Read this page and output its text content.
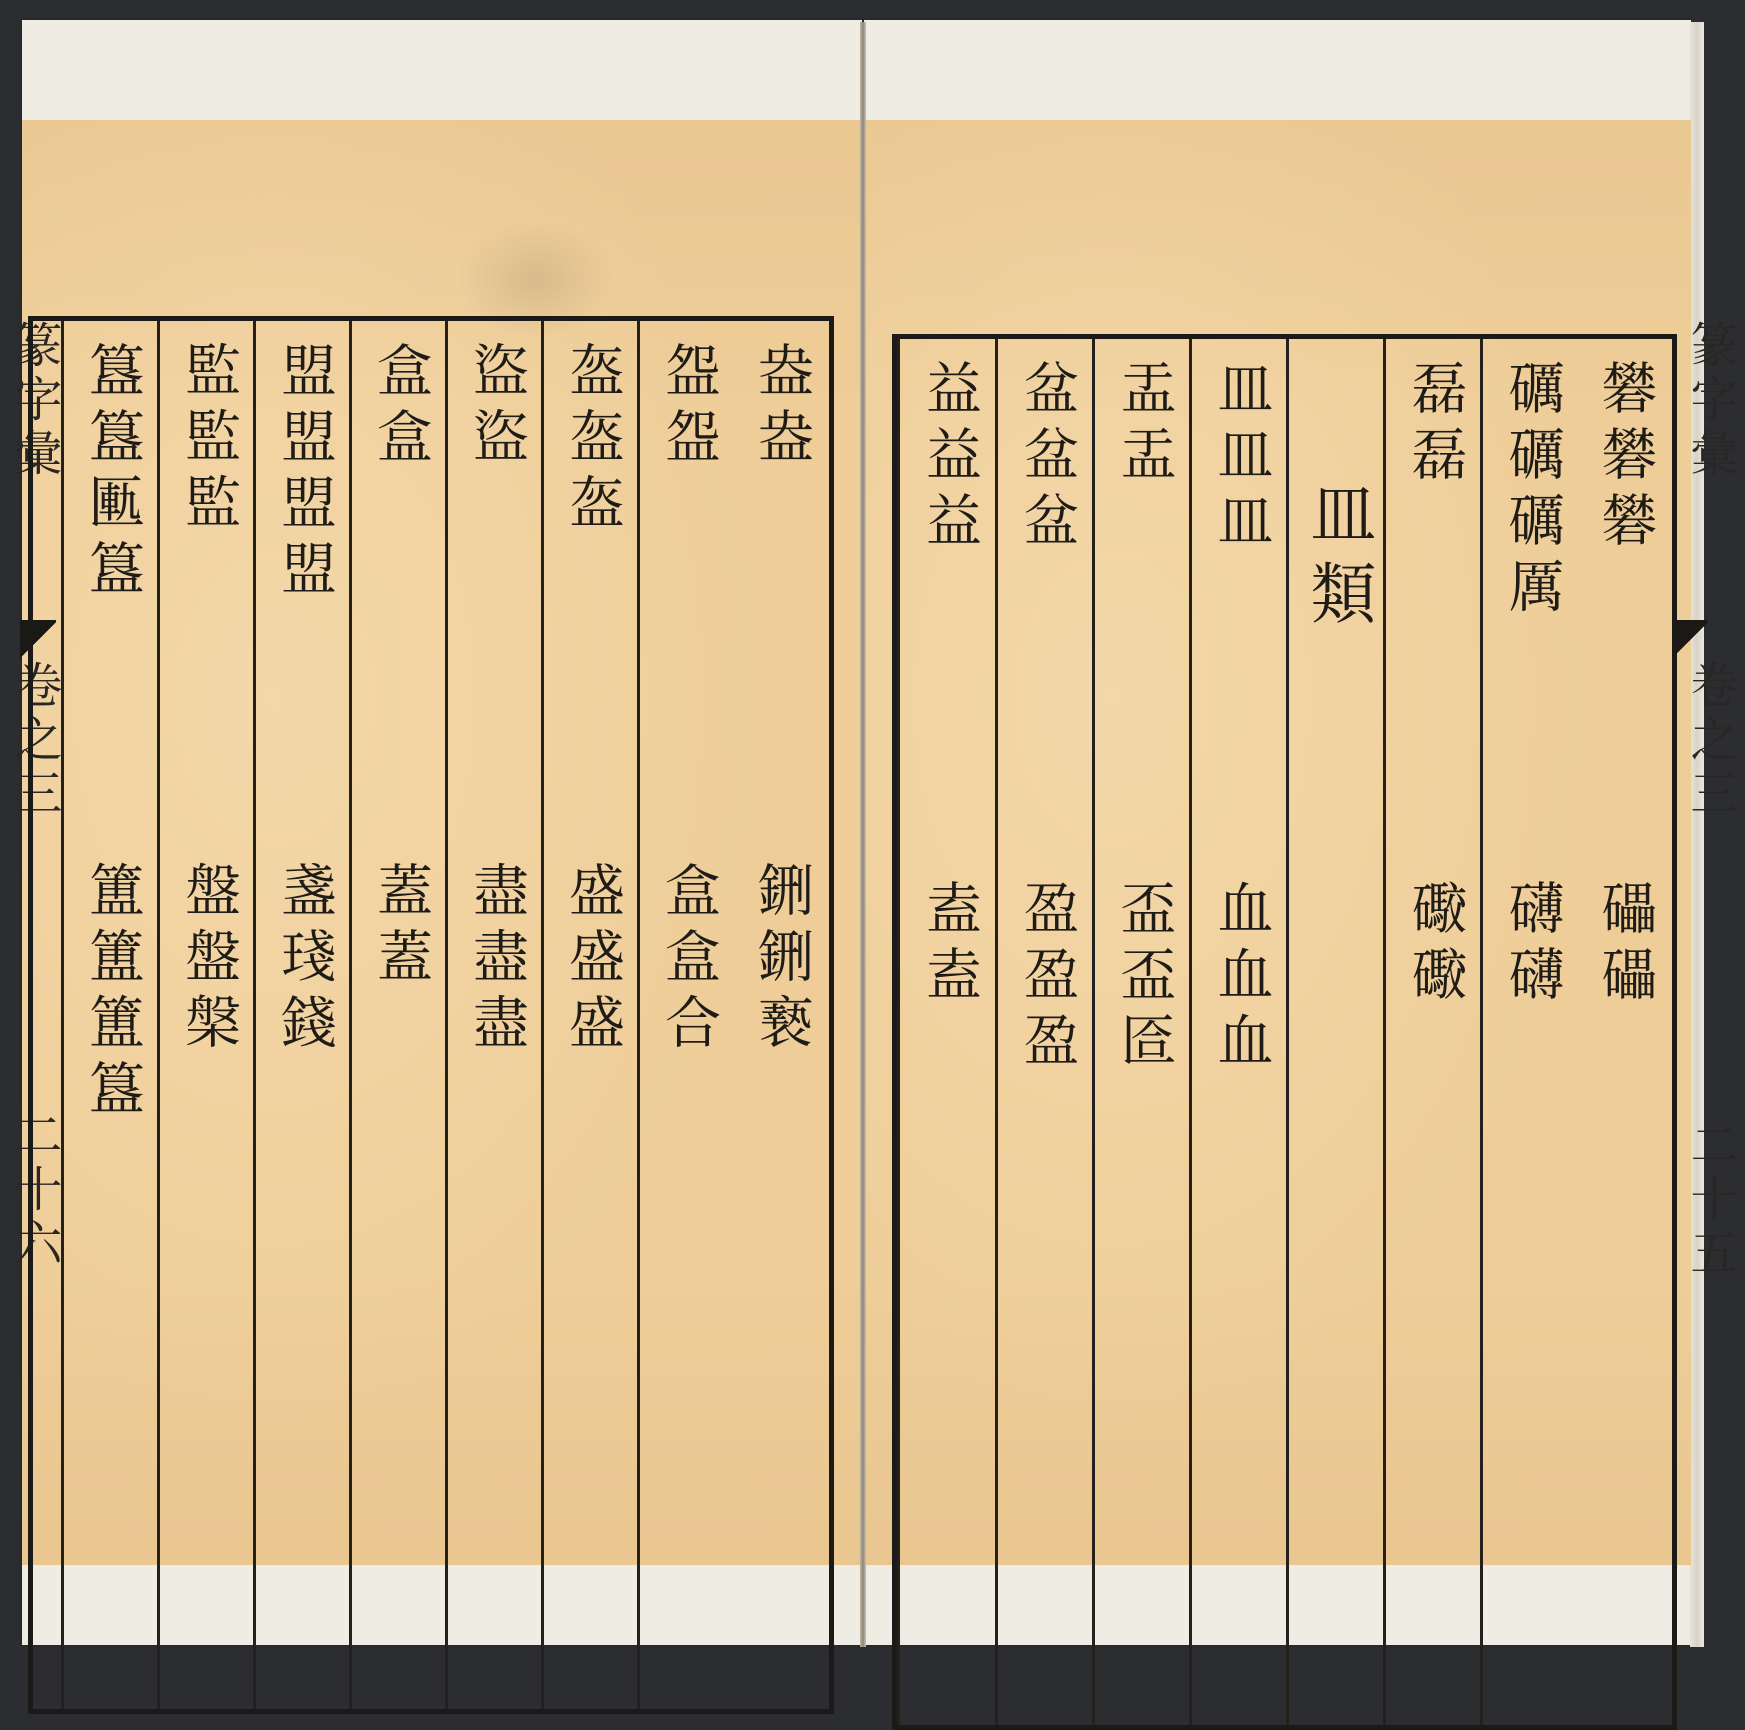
篆字彙
卷之三
二十六
盎盎
鉶鉶䙝
盌盌
盒盒合
盔盔盔
盛盛盛
盜盜
盡盡盡
盒盒
蓋蓋
盟盟盟盟
盞琖錢
監監監
盤盤槃
簋簋匭簋
簠簠簠簋
礬礬礬
礧礧
礪礪礪厲
礴礴
磊磊
礮礮
皿類
皿皿皿
血血血
盂盂
盃盃匼
盆盆盆
盈盈盈
益益益
盍盍
篆字彙
卷之三
二十五
